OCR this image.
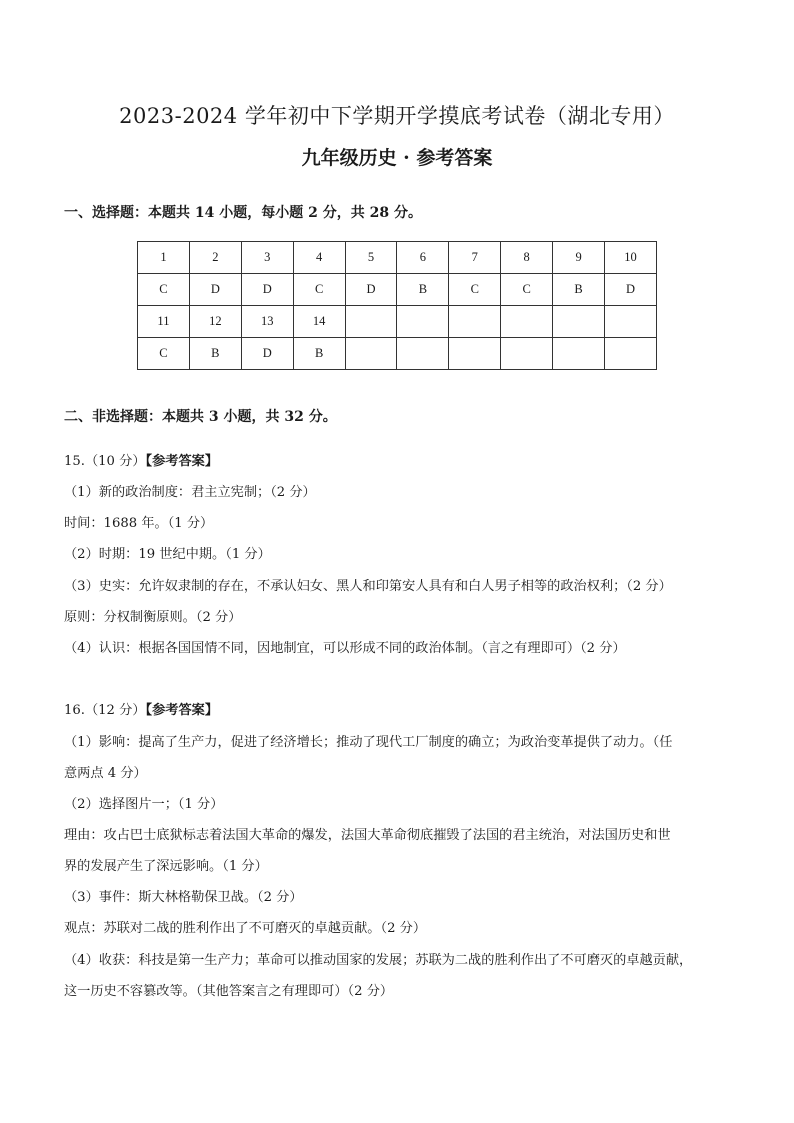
2023-2024 学年初中下学期开学摸底考试卷（湖北专用）
九年级历史 · 参考答案
一、选择题：本题共 14 小题，每小题 2 分，共 28 分。
1	2	3	4	5	6	7	8	9	10
C	D	D	C	D	B	C	C	B	D
11	12	13	14						
C	B	D	B						
二、非选择题：本题共 3 小题，共 32 分。
15.（10 分）【参考答案】
（1）新的政治制度：君主立宪制；（2 分）
时间：1688 年。（1 分）
（2）时期：19 世纪中期。（1 分）
（3）史实：允许奴隶制的存在，不承认妇女、黑人和印第安人具有和白人男子相等的政治权利；（2 分）
原则：分权制衡原则。（2 分）
（4）认识：根据各国国情不同，因地制宜，可以形成不同的政治体制。（言之有理即可）（2 分）
16.（12 分）【参考答案】
（1）影响：提高了生产力，促进了经济增长；推动了现代工厂制度的确立；为政治变革提供了动力。（任
意两点 4 分）
（2）选择图片一；（1 分）
理由：攻占巴士底狱标志着法国大革命的爆发，法国大革命彻底摧毁了法国的君主统治，对法国历史和世
界的发展产生了深远影响。（1 分）
（3）事件：斯大林格勒保卫战。（2 分）
观点：苏联对二战的胜利作出了不可磨灭的卓越贡献。（2 分）
（4）收获：科技是第一生产力；革命可以推动国家的发展；苏联为二战的胜利作出了不可磨灭的卓越贡献，
这一历史不容篡改等。（其他答案言之有理即可）（2 分）
